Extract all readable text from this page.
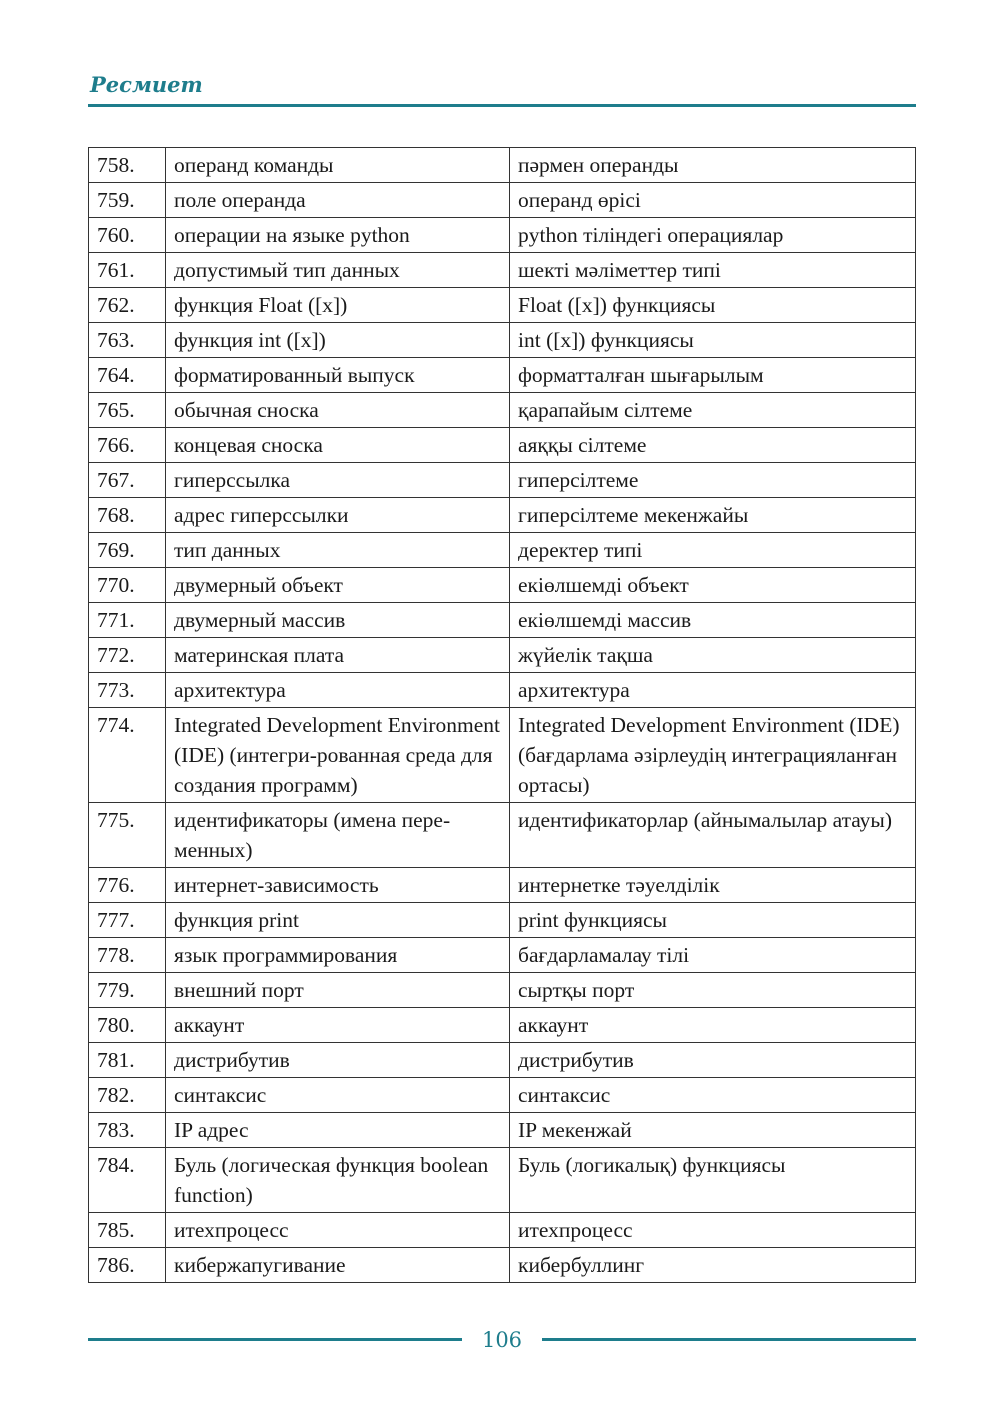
Ресмиет
758.	операнд команды	пәрмен операнды
759.	поле операнда	операнд өрісі
760.	операции на языке python	python тіліндегі операциялар
761.	допустимый тип данных	шекті мәліметтер типі
762.	функция Float ([x])	Float ([x]) функциясы
763.	функция int ([x])	int ([x]) функциясы
764.	форматированный выпуск	форматталған шығарылым
765.	обычная сноска	қарапайым сілтеме
766.	концевая сноска	аяққы сілтеме
767.	гиперссылка	гиперсілтеме
768.	адрес гиперссылки	гиперсілтеме мекенжайы
769.	тип данных	деректер типі
770.	двумерный объект	екіөлшемді объект
771.	двумерный массив	екіөлшемді массив
772.	материнская плата	жүйелік тақша
773.	архитектура	архитектура
774.	Integrated Development Environment (IDE) (интегри-рованная среда для создания программ)	Integrated Development Environment (IDE) (бағдарлама әзірлеудің интеграцияланған ортасы)
775.	идентификаторы (имена пере-менных)	идентификаторлар (айнымалылар атауы)
776.	интернет-зависимость	интернетке тәуелділік
777.	функция print	print функциясы
778.	язык программирования	бағдарламалау тілі
779.	внешний порт	сыртқы порт
780.	аккаунт	аккаунт
781.	дистрибутив	дистрибутив
782.	синтаксис	синтаксис
783.	IP адрес	IP мекенжай
784.	Буль (логическая функция boolean function)	Буль (логикалық) функциясы
785.	итехпроцесс	итехпроцесс
786.	кибержапугивание	кибербуллинг
106
